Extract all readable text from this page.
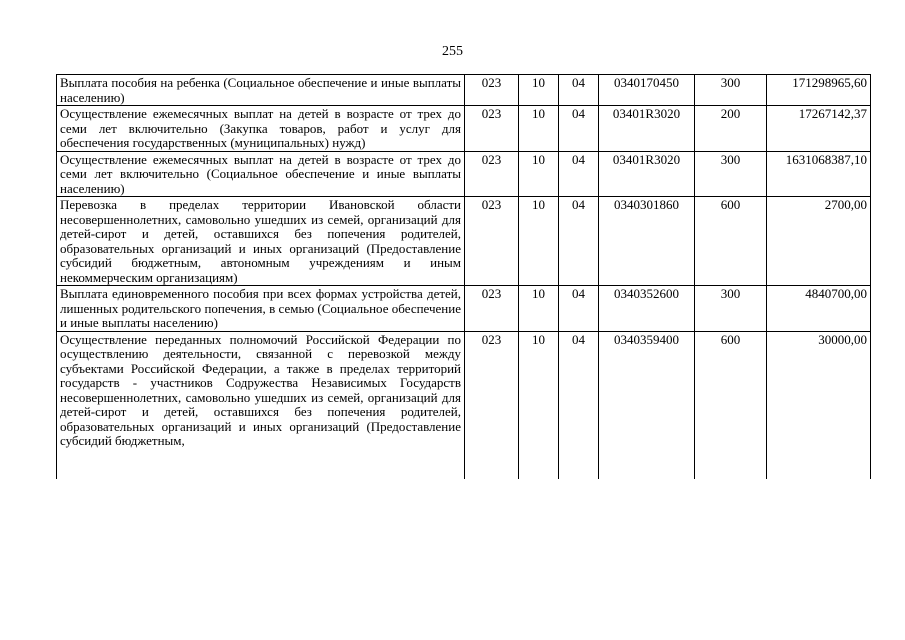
255
Выплата пособия на ребенка (Социальное обеспечение и иные выплаты населению)	023	10	04	0340170450	300	171298965,60
Осуществление ежемесячных выплат на детей в возрасте от трех до семи лет включительно (Закупка товаров, работ и услуг для обеспечения государственных (муниципальных) нужд)	023	10	04	03401R3020	200	17267142,37
Осуществление ежемесячных выплат на детей в возрасте от трех до семи лет включительно (Социальное обеспечение и иные выплаты населению)	023	10	04	03401R3020	300	1631068387,10
Перевозка в пределах территории Ивановской области несовершеннолетних, самовольно ушедших из семей, организаций для детей-сирот и детей, оставшихся без попечения родителей, образовательных организаций и иных организаций (Предоставление субсидий бюджетным, автономным учреждениям и иным некоммерческим организациям)	023	10	04	0340301860	600	2700,00
Выплата единовременного пособия при всех формах устройства детей, лишенных родительского попечения, в семью (Социальное обеспечение и иные выплаты населению)	023	10	04	0340352600	300	4840700,00
Осуществление переданных полномочий Российской Федерации по осуществлению деятельности, связанной с перевозкой между субъектами Российской Федерации, а также в пределах территорий государств - участников Содружества Независимых Государств несовершеннолетних, самовольно ушедших из семей, организаций для детей-сирот и детей, оставшихся без попечения родителей, образовательных организаций и иных организаций (Предоставление субсидий бюджетным,	023	10	04	0340359400	600	30000,00
